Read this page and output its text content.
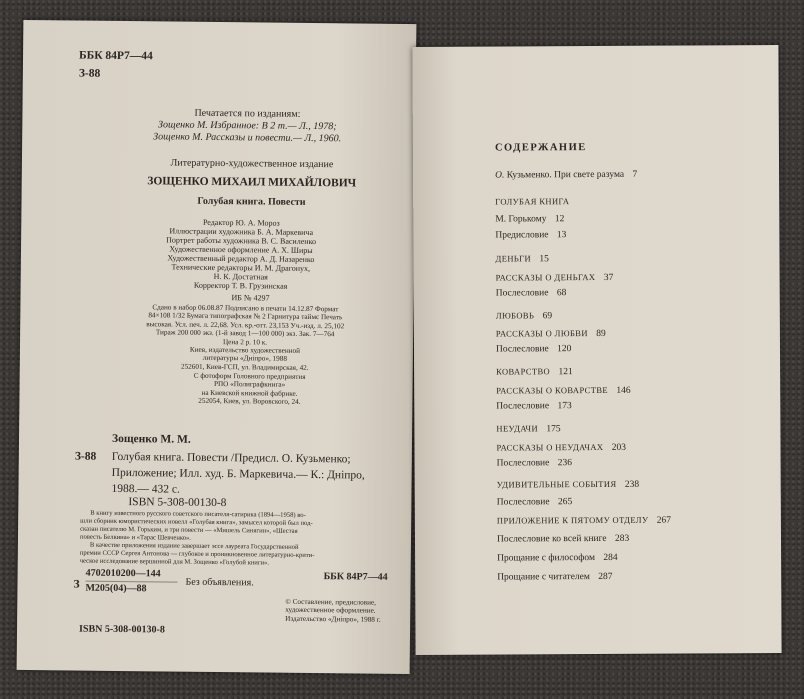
ББК 84Р7—44
З-88
Печатается по изданиям:
Зощенко М. Избранное: В 2 т.— Л., 1978;
Зощенко М. Рассказы и повести.— Л., 1960.
Литературно-художественное издание
ЗОЩЕНКО МИХАИЛ МИХАЙЛОВИЧ
Голубая книга. Повести
Редактор Ю. А. Мороз
Иллюстрации художника Б. А. Маркевича
Портрет работы художника В. С. Василенко
Художественное оформление А. Х. Ширы
Художественный редактор А. Д. Назаренко
Технические редакторы И. М. Драгонух,
Н. К. Достатная
Корректор Т. В. Грузинская
ИБ № 4297
Сдано в набор 06.08.87 Подписано в печати 14.12.87 Формат
84×108 1/32 Бумага типографская № 2 Гарнитура таймс Печать
высокая. Усл. печ. л. 22,68. Усл. кр.-отт. 23,153 Уч.-изд. л. 25,102
Тираж 200 000 экз. (1-й завод 1—100 000) экз. Зак. 7—764
Цена 2 р. 10 к.
Киев, издательство художественной
литературы «Днiпро», 1988
252601, Киев-ГСП, ул. Владимирская, 42.
С фотоформ Головного предприятия
РПО «Полиграфкнига»
на Киевской книжной фабрике.
252054, Киев, ул. Воровского, 24.
Зощенко М. М.
З-88 Голубая книга. Повести /Предисл. О. Кузьменко;
Приложение; Илл. худ. Б. Маркевича.— К.: Днiпро,
1988.— 432 с.
ISBN 5-308-00130-8
В книгу известного русского советского писателя-сатирика (1894—1958) во-
шли сборник юмористических новелл «Голубая книга», замысел которой был под-
сказан писателю М. Горьким, и три повести — «Мишель Синягин», «Шестая
повесть Белкина» и «Тарас Шевченко».
В качестве приложения издание завершает эссе лауреата Государственной
премии СССР Сергея Антонова — глубокое и проникновенное литературно-крити-
ческое исследование вершинной для М. Зощенко «Голубой книги».
З
4702010200—144
М205(04)—88
Без объявления.	ББК 84Р7—44
© Составление, предисловие,
художественное оформление.
Издательство «Днiпро», 1988 г.
ISBN 5-308-00130-8
СОДЕРЖАНИЕ
О. Кузьменко. При свете разума 7
ГОЛУБАЯ КНИГА
М. Горькому 12
Предисловие 13
ДЕНЬГИ 15
РАССКАЗЫ О ДЕНЬГАХ 37
Послесловие 68
ЛЮБОВЬ 69
РАССКАЗЫ О ЛЮБВИ 89
Послесловие 120
КОВАРСТВО 121
РАССКАЗЫ О КОВАРСТВЕ 146
Послесловие 173
НЕУДАЧИ 175
РАССКАЗЫ О НЕУДАЧАХ 203
Послесловие 236
УДИВИТЕЛЬНЫЕ СОБЫТИЯ 238
Послесловие 265
ПРИЛОЖЕНИЕ К ПЯТОМУ ОТДЕЛУ 267
Послесловие ко всей книге 283
Прощание с философом 284
Прощание с читателем 287
